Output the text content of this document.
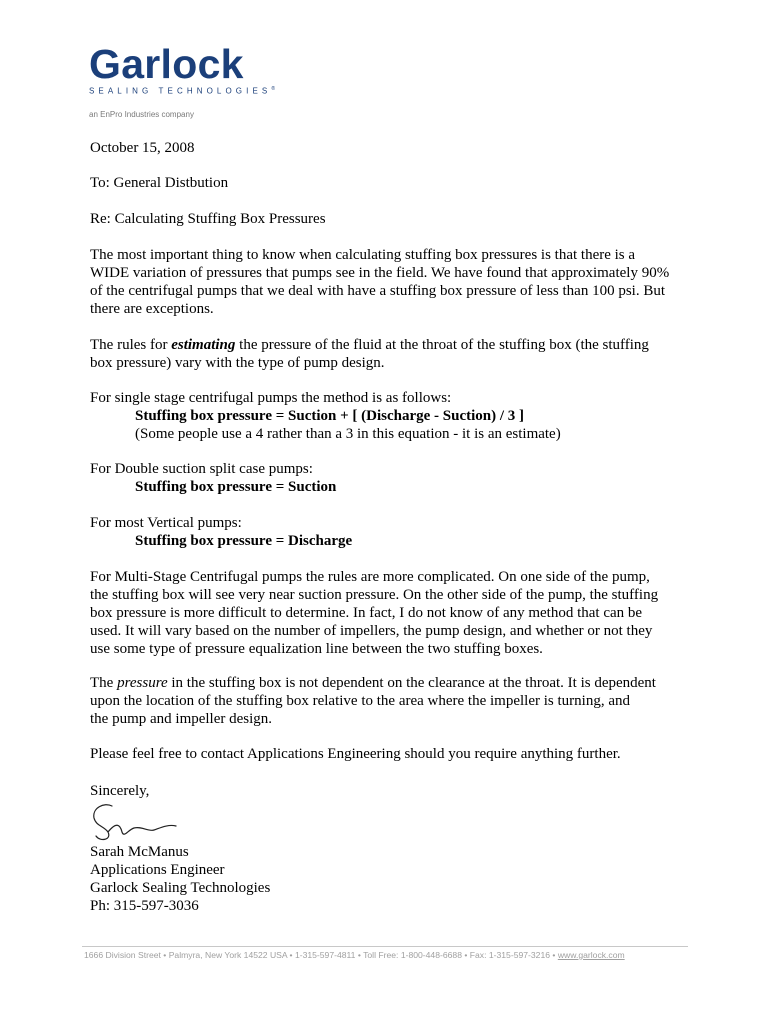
Garlock
SEALING TECHNOLOGIES®
an EnPro Industries company
October 15, 2008
To: General Distbution
Re: Calculating Stuffing Box Pressures
The most important thing to know when calculating stuffing box pressures is that there is a
WIDE variation of pressures that pumps see in the field. We have found that approximately 90%
of the centrifugal pumps that we deal with have a stuffing box pressure of less than 100 psi. But
there are exceptions.
The rules for estimating the pressure of the fluid at the throat of the stuffing box (the stuffing
box pressure) vary with the type of pump design.
For single stage centrifugal pumps the method is as follows:
Stuffing box pressure = Suction + [ (Discharge - Suction) / 3 ]
(Some people use a 4 rather than a 3 in this equation - it is an estimate)
For Double suction split case pumps:
Stuffing box pressure = Suction
For most Vertical pumps:
Stuffing box pressure = Discharge
For Multi-Stage Centrifugal pumps the rules are more complicated. On one side of the pump,
the stuffing box will see very near suction pressure. On the other side of the pump, the stuffing
box pressure is more difficult to determine. In fact, I do not know of any method that can be
used. It will vary based on the number of impellers, the pump design, and whether or not they
use some type of pressure equalization line between the two stuffing boxes.
The pressure in the stuffing box is not dependent on the clearance at the throat. It is dependent
upon the location of the stuffing box relative to the area where the impeller is turning, and
the pump and impeller design.
Please feel free to contact Applications Engineering should you require anything further.
Sincerely,
Sarah McManus
Applications Engineer
Garlock Sealing Technologies
Ph: 315-597-3036
1666 Division Street • Palmyra, New York 14522 USA • 1-315-597-4811 • Toll Free: 1-800-448-6688 • Fax: 1-315-597-3216 • www.garlock.com
